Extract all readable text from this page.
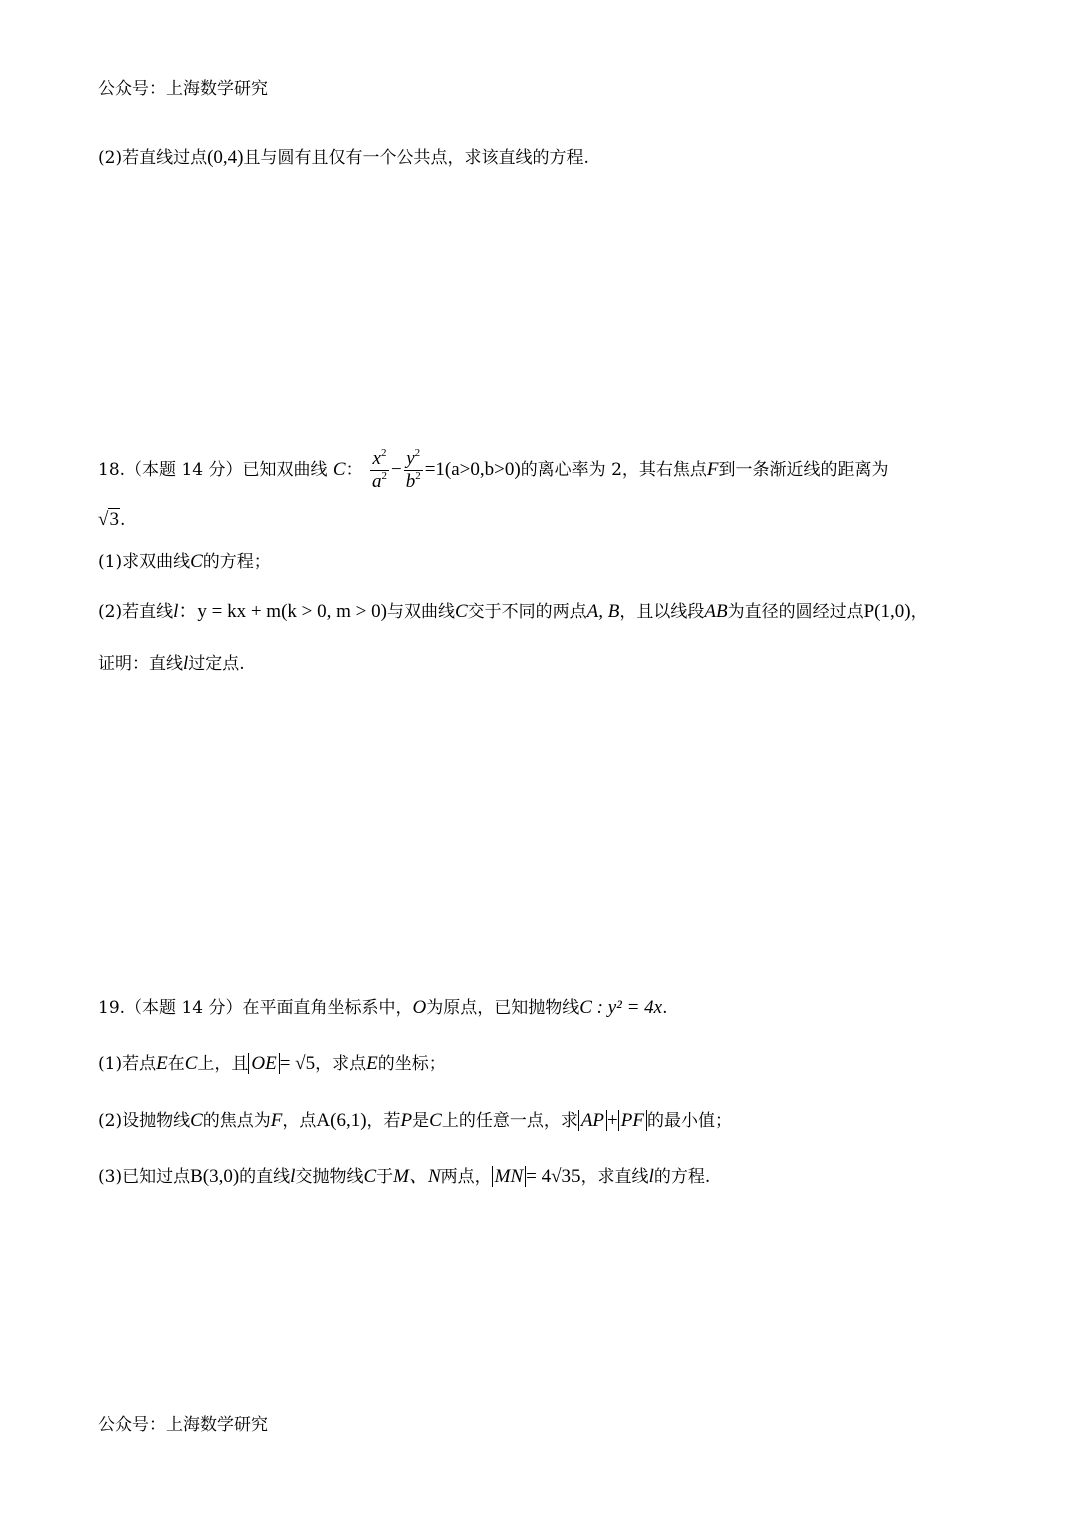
公众号：上海数学研究
(2)若直线过点(0,4)且与圆有且仅有一个公共点，求该直线的方程.
18.（本题 14 分）已知双曲线 C： $\frac{x^2}{a^2} - \frac{y^2}{b^2} =1(a>0,b>0)$的离心率为 2，其右焦点F到一条渐近线的距离为
√3.
(1)求双曲线C的方程；
(2)若直线l：y = kx + m(k > 0, m > 0)与双曲线C交于不同的两点A, B，且以线段AB为直径的圆经过点P(1,0)，
证明：直线l过定点.
19.（本题 14 分）在平面直角坐标系中，O为原点，已知抛物线C : y² = 4x.
(1)若点E在C上，且 OE = √5，求点E的坐标；
(2)设抛物线C的焦点为F，点A(6,1)，若P是C上的任意一点，求 AP + PF 的最小值；
(3)已知过点B(3,0)的直线l交抛物线C于M、N两点， MN = 4√35，求直线l的方程.
公众号：上海数学研究
